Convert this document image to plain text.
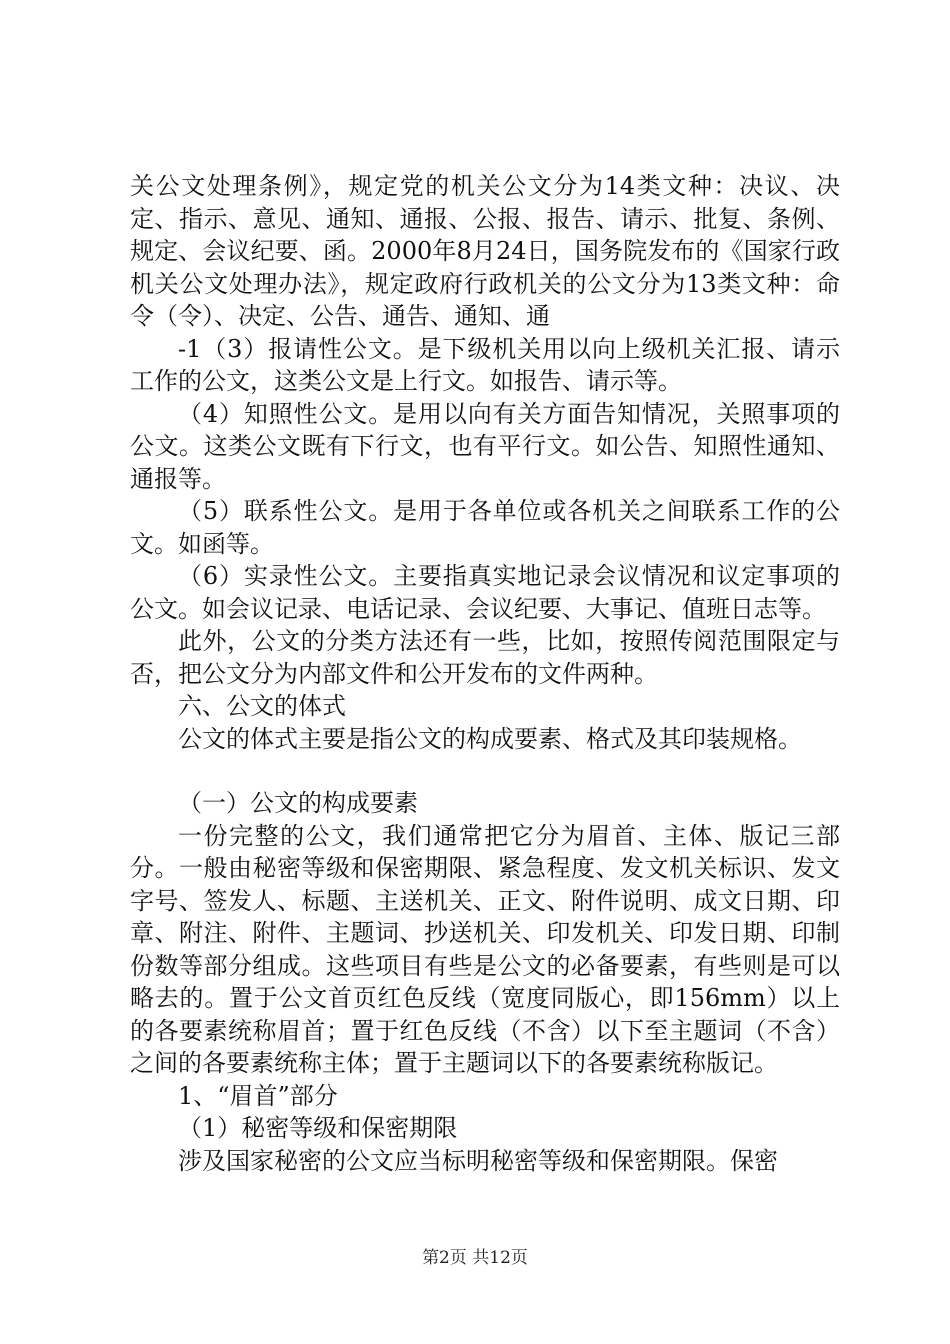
关公文处理条例》，规定党的机关公文分为14类文种：决议、决定、指示、意见、通知、通报、公报、报告、请示、批复、条例、规定、会议纪要、函。2000年8月24日，国务院发布的《国家行政机关公文处理办法》，规定政府行政机关的公文分为13类文种：命令（令）、决定、公告、通告、通知、通

-1（3）报请性公文。是下级机关用以向上级机关汇报、请示工作的公文，这类公文是上行文。如报告、请示等。

（4）知照性公文。是用以向有关方面告知情况，关照事项的公文。这类公文既有下行文，也有平行文。如公告、知照性通知、通报等。

（5）联系性公文。是用于各单位或各机关之间联系工作的公文。如函等。

（6）实录性公文。主要指真实地记录会议情况和议定事项的公文。如会议记录、电话记录、会议纪要、大事记、值班日志等。

此外，公文的分类方法还有一些，比如，按照传阅范围限定与否，把公文分为内部文件和公开发布的文件两种。

六、公文的体式

公文的体式主要是指公文的构成要素、格式及其印装规格。

（一）公文的构成要素

一份完整的公文，我们通常把它分为眉首、主体、版记三部分。一般由秘密等级和保密期限、紧急程度、发文机关标识、发文字号、签发人、标题、主送机关、正文、附件说明、成文日期、印章、附注、附件、主题词、抄送机关、印发机关、印发日期、印制份数等部分组成。这些项目有些是公文的必备要素，有些则是可以略去的。置于公文首页红色反线（宽度同版心，即156mm）以上的各要素统称眉首；置于红色反线（不含）以下至主题词（不含）之间的各要素统称主体；置于主题词以下的各要素统称版记。

1、“眉首”部分

（1）秘密等级和保密期限

涉及国家秘密的公文应当标明秘密等级和保密期限。保密

第2页 共12页
